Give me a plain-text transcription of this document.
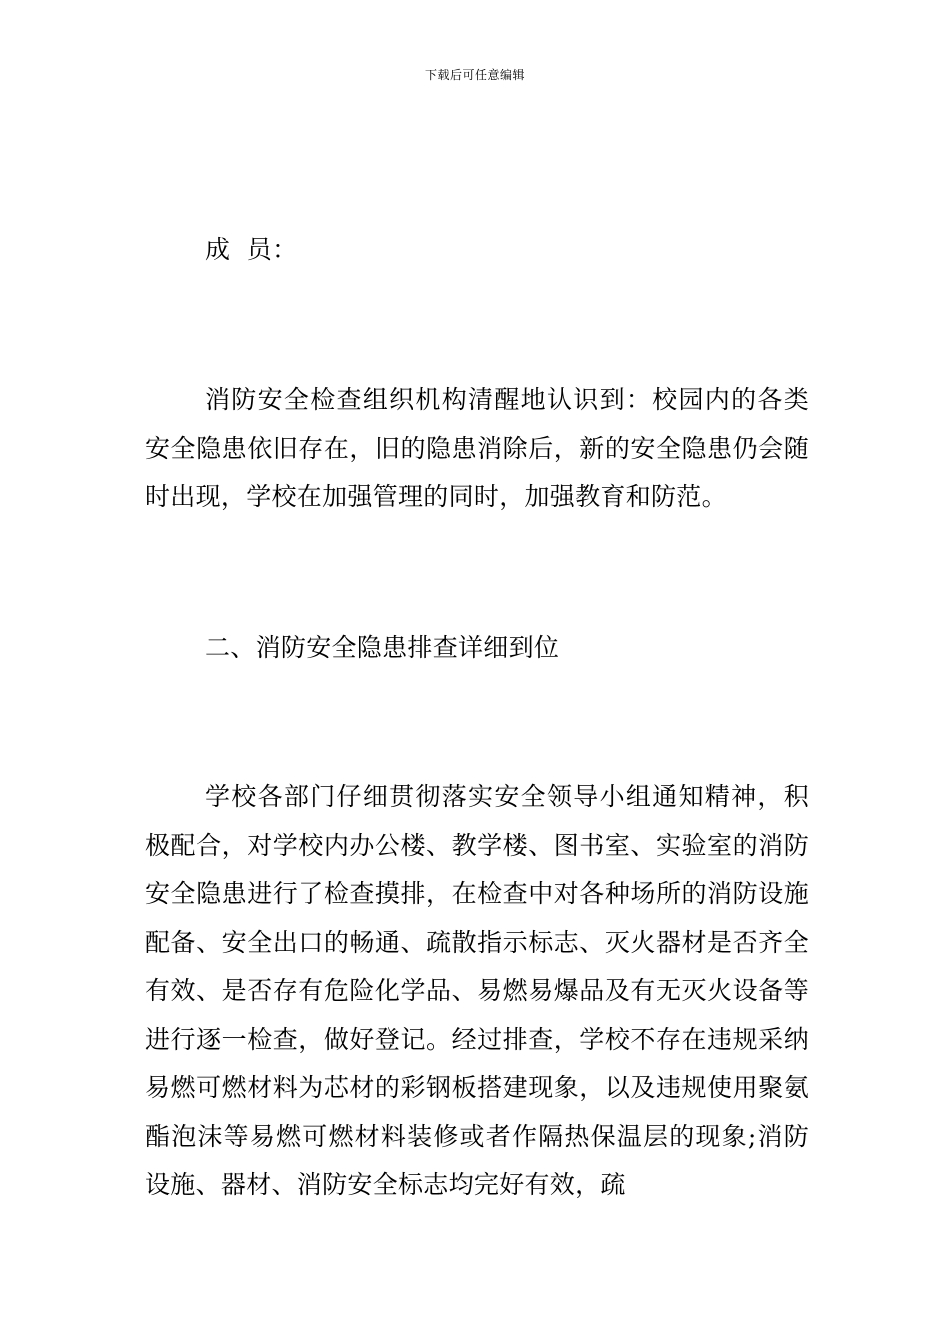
下载后可任意编辑

成  员：

消防安全检查组织机构清醒地认识到：校园内的各类安全隐患依旧存在，旧的隐患消除后，新的安全隐患仍会随时出现，学校在加强管理的同时，加强教育和防范。

二、消防安全隐患排查详细到位

学校各部门仔细贯彻落实安全领导小组通知精神，积极配合，对学校内办公楼、教学楼、图书室、实验室的消防安全隐患进行了检查摸排，在检查中对各种场所的消防设施配备、安全出口的畅通、疏散指示标志、灭火器材是否齐全有效、是否存有危险化学品、易燃易爆品及有无灭火设备等进行逐一检查，做好登记。经过排查，学校不存在违规采纳易燃可燃材料为芯材的彩钢板搭建现象，以及违规使用聚氨酯泡沫等易燃可燃材料装修或者作隔热保温层的现象;消防设施、器材、消防安全标志均完好有效，疏
